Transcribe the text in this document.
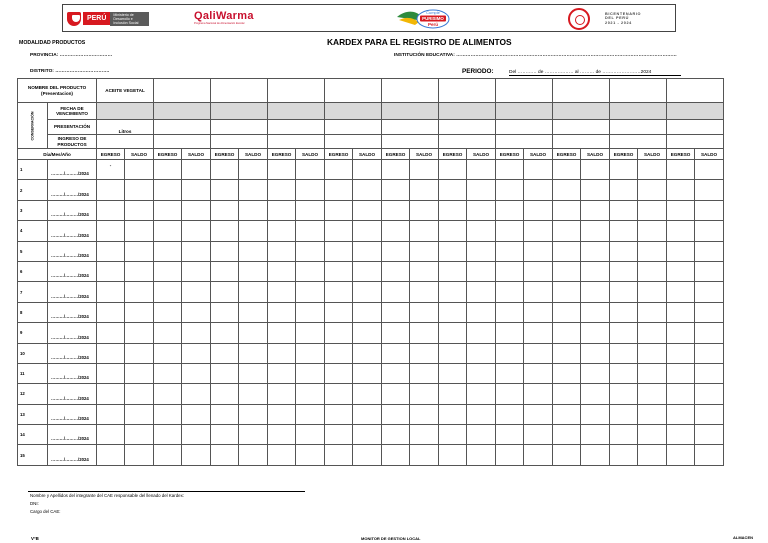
PERÚ
Ministerio de Desarrollo e Inclusión Social
QaliWarma
Programa Nacional de Alimentación Escolar
Cumple
PURISIMO
Perú
BICENTENARIO
DEL PERÚ
2021 - 2024
MODALIDAD PRODUCTOS	KARDEX PARA EL REGISTRO DE ALIMENTOS
PROVINCIA: ……………………………	INSTITUCIÓN EDUCATIVA: …………………………………………………………………………………………………………………………
DISTRITO: …………………………….	PERIODO:	Del ………… de ……………… al ……… de ……………………2024
NOMBRE DEL PRODUCTO (Presentacion)		ACEITE VEGETAL																					
CONSERVACIÓN	FECHA DE VENCIMIENTO																						
	PRESENTACIÓN	Litros																					
	INGRESO DE PRODUCTOS																						
Día/Mes/Año		EGRESO	SALDO	EGRESO	SALDO	EGRESO	SALDO	EGRESO	SALDO	EGRESO	SALDO	EGRESO	SALDO	EGRESO	SALDO	EGRESO	SALDO	EGRESO	SALDO	EGRESO	SALDO	EGRESO	SALDO
1	………/………/2024	-																					
2	………/………/2024																						
3	………/………/2024																						
4	………/………/2024																						
5	………/………/2024																						
6	………/………/2024																						
7	………/………/2024																						
8	………/………/2024																						
9	………/………/2024																						
10	………/………/2024																						
11	………/………/2024																						
12	………/………/2024																						
13	………/………/2024																						
14	………/………/2024																						
15	………/………/2024																						
Nombre y Apellidos del integrante del CAE responsable del llenado del Kardex:
DNI:
Cargo del CAE:
V°B	MONITOR DE GESTION LOCAL	ALMACEN
